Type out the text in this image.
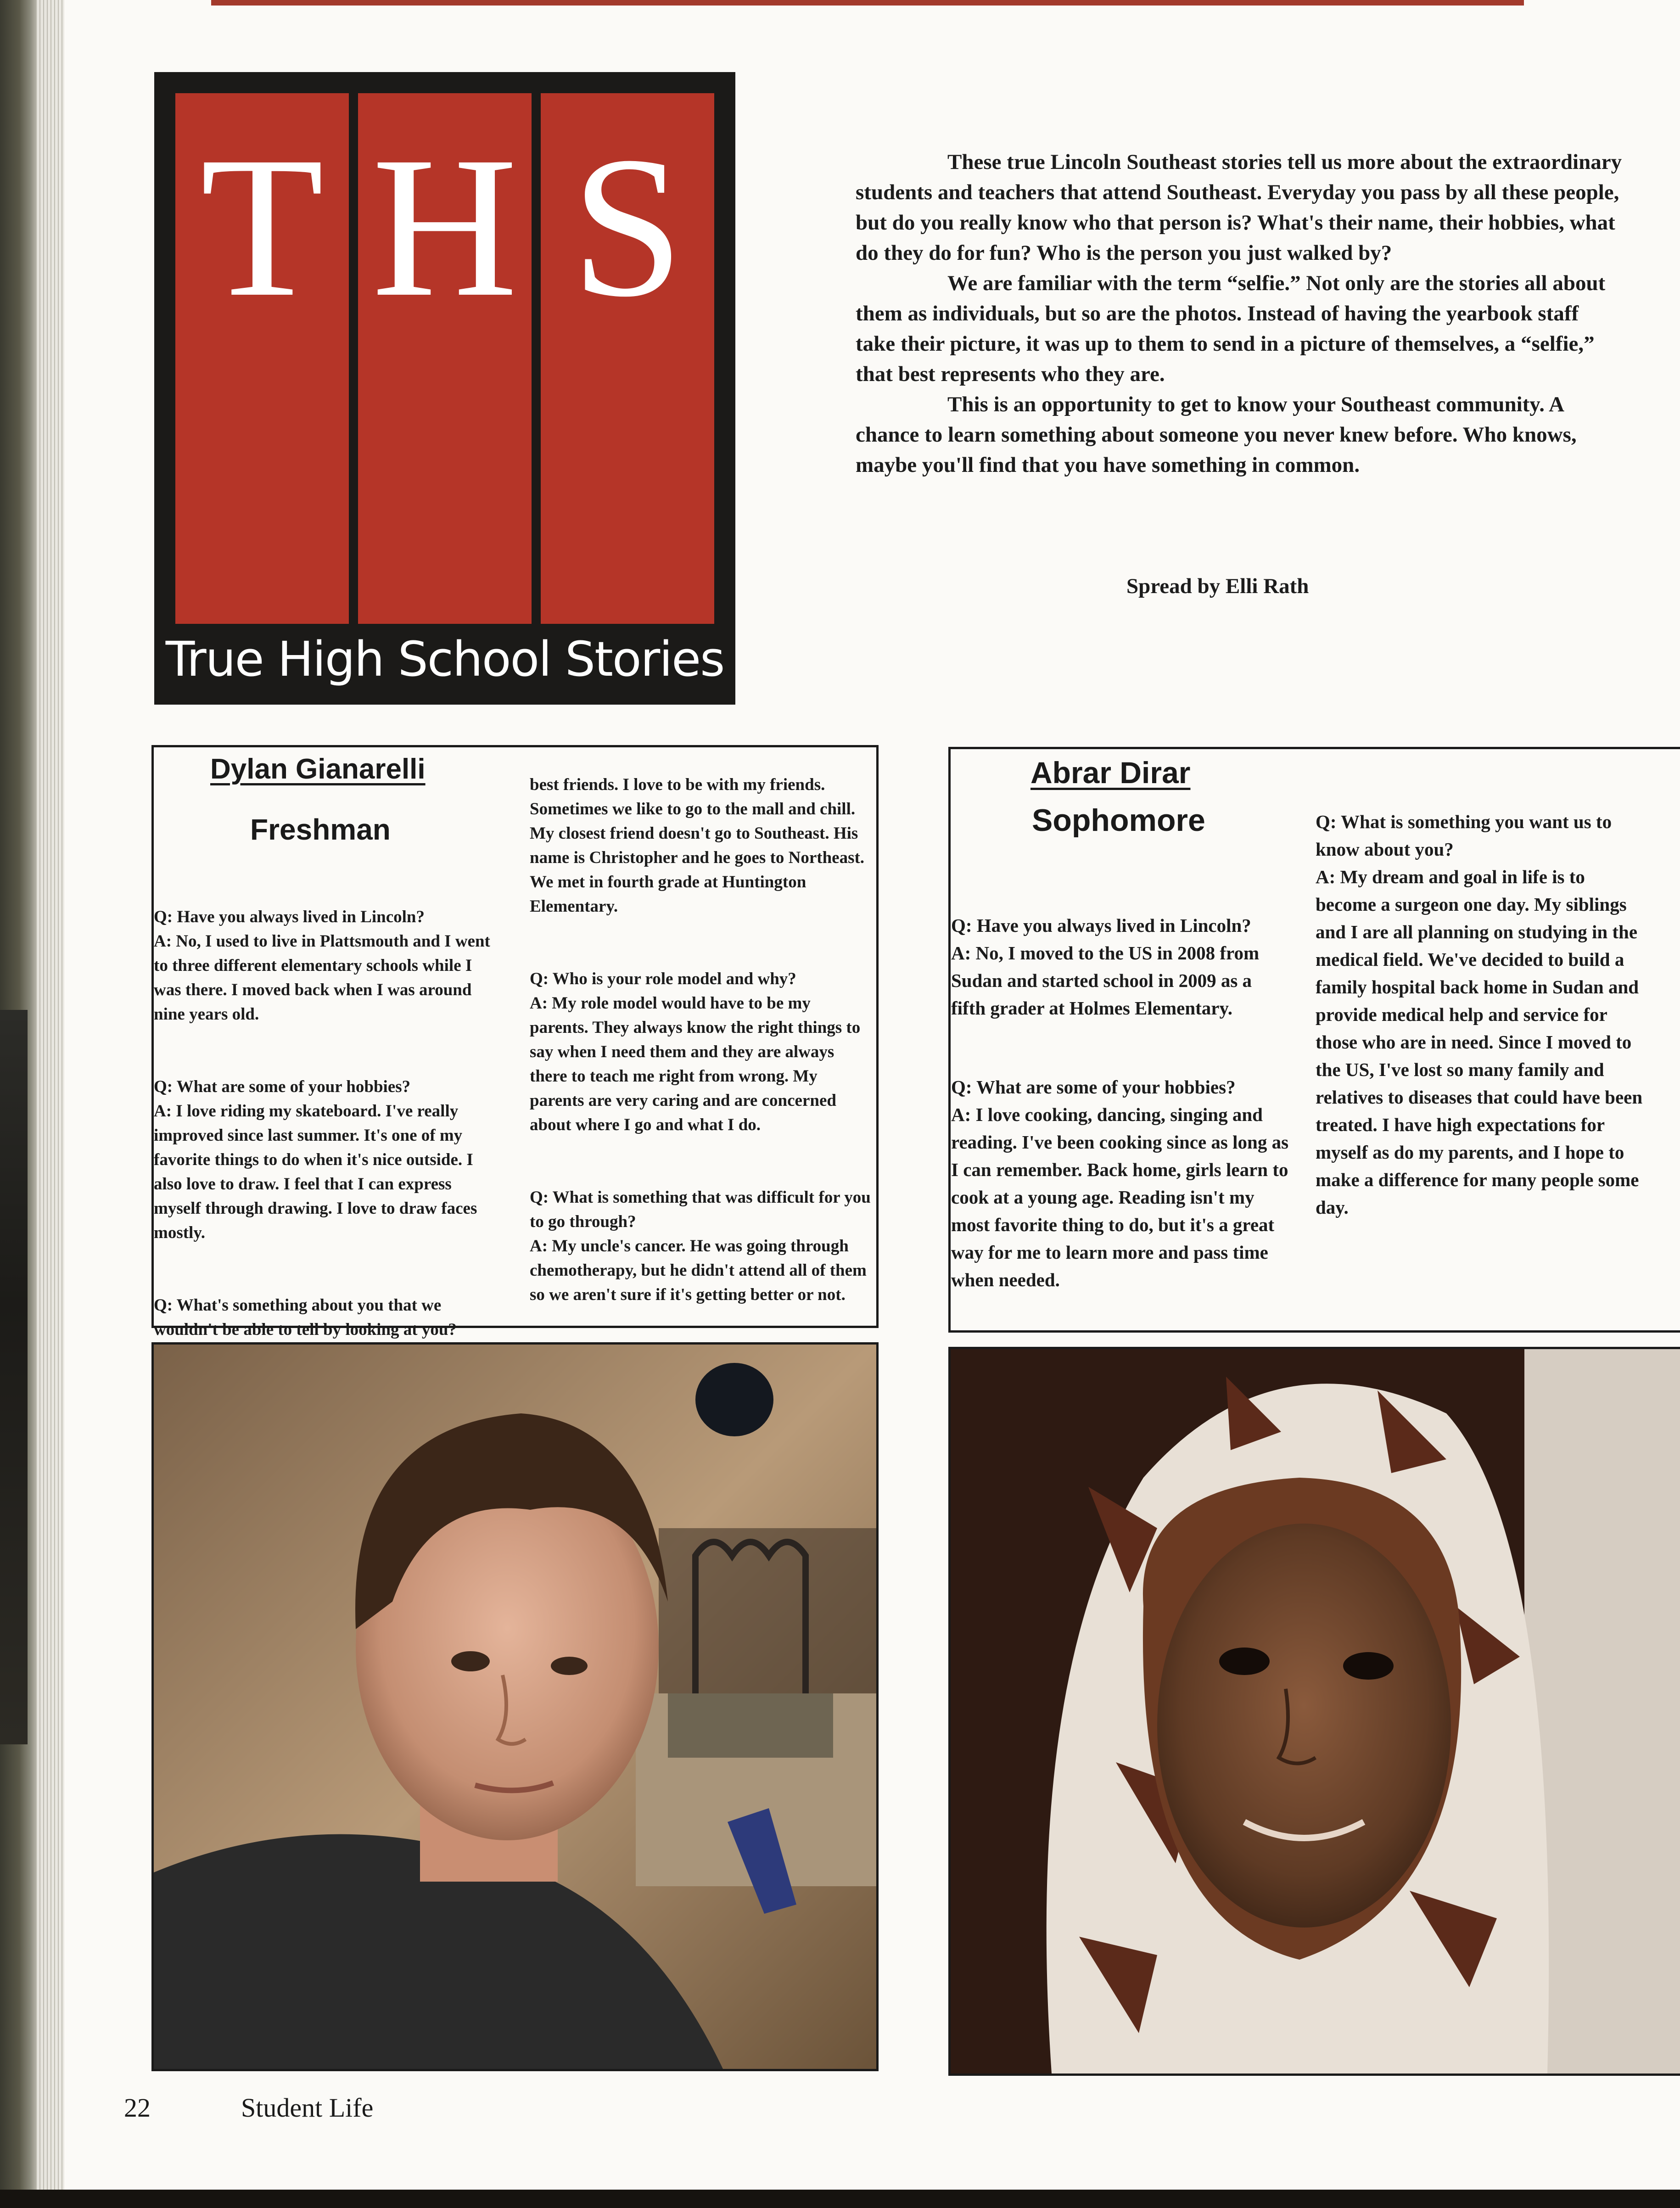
T H S
True High School Stories

These true Lincoln Southeast stories tell us more about the extraordinary students and teachers that attend Southeast. Everyday you pass by all these people, but do you really know who that person is? What's their name, their hobbies, what do they do for fun? Who is the person you just walked by?

We are familiar with the term “selfie.” Not only are the stories all about them as individuals, but so are the photos. Instead of having the yearbook staff take their picture, it was up to them to send in a picture of themselves, a “selfie,” that best represents who they are.

This is an opportunity to get to know your Southeast community. A chance to learn something about someone you never knew before. Who knows, maybe you'll find that you have something in common.

Spread by Elli Rath
Dylan Gianarelli
Freshman

Q: Have you always lived in Lincoln?
A: No, I used to live in Plattsmouth and I went to three different elementary schools while I was there. I moved back when I was around nine years old.

Q: What are some of your hobbies?
A: I love riding my skateboard. I've really improved since last summer. It's one of my favorite things to do when it's nice outside. I also love to draw. I feel that I can express myself through drawing. I love to draw faces mostly.

Q: What's something about you that we wouldn't be able to tell by looking at you?

best friends. I love to be with my friends. Sometimes we like to go to the mall and chill. My closest friend doesn't go to Southeast. His name is Christopher and he goes to Northeast. We met in fourth grade at Huntington Elementary.

Q: Who is your role model and why?
A: My role model would have to be my parents. They always know the right things to say when I need them and they are always there to teach me right from wrong. My parents are very caring and are concerned about where I go and what I do.

Q: What is something that was difficult for you to go through?
A: My uncle's cancer. He was going through chemotherapy, but he didn't attend all of them so we aren't sure if it's getting better or not.

Abrar Dirar
Sophomore

Q: Have you always lived in Lincoln?
A: No, I moved to the US in 2008 from Sudan and started school in 2009 as a fifth grader at Holmes Elementary.

Q: What are some of your hobbies?
A: I love cooking, dancing, singing and reading. I've been cooking since as long as I can remember. Back home, girls learn to cook at a young age. Reading isn't my most favorite thing to do, but it's a great way for me to learn more and pass time when needed.

Q: What is something you want us to know about you?
A: My dream and goal in life is to become a surgeon one day. My siblings and I are all planning on studying in the medical field. We've decided to build a family hospital back home in Sudan and provide medical help and service for those who are in need. Since I moved to the US, I've lost so many family and relatives to diseases that could have been treated. I have high expectations for myself as do my parents, and I hope to make a difference for many people some day.

22	Student Life
